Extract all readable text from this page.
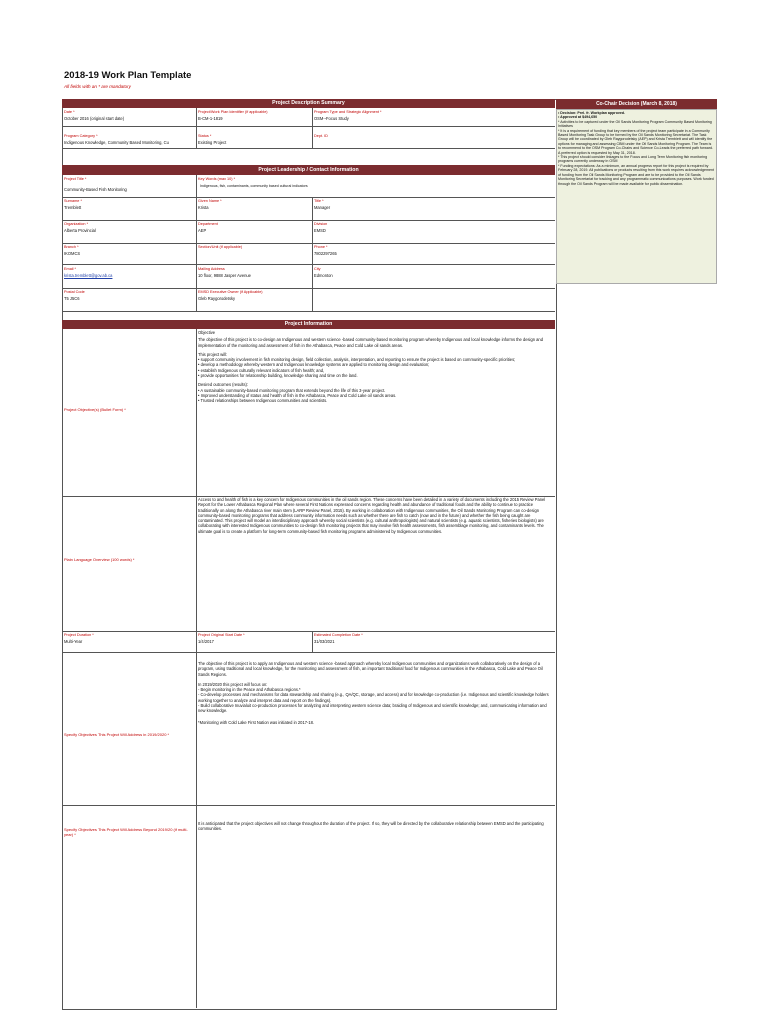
2018-19 Work Plan Template
All fields with an * are mandatory
Project Description Summary
Date *
October 2016 (original start date)
Project/Work Plan Identifier (if applicable)
B-CM-1-1819
Program Type and Strategic Alignment *
OSM--Focus Study
Program Category *
Indigenous Knowledge, Community Based Monitoring, Cu
Status *
Existing Project
Dept. ID
Project Leadership / Contact Information
Project Title *
Community-Based Fish Monitoring
Key Words (max 10) *
Indigenous, fish, contaminants, community based cultural indicators
Surname *
Tremblett
Given Name *
Krista
Title *
Manager
Organization *
Alberta Provincial
Department
AEP
Division
EMSD
Branch *
IKOMCS
Section/Unit (if applicable)	Phone *
7802297265
Email *
krista.tremblett@gov.ab.ca
Mailing Address
10 floor, 9888 Jasper Avenue
City
Edmonton
Postal Code
T5 J5C6
EMSD Executive Owner (if Applicable)
Gleb Raygorodetsky
Project Information
Project Objective(s) (Bullet Form) *

Objective

The objective of this project is to co-design an Indigenous and western science -based community-based monitoring program whereby Indigenous and local knowledge informs the design and implementation of the monitoring and assessment of fish in the Athabasca, Peace and Cold Lake oil sands areas.

This project will:

• support community involvement in fish monitoring design, field collection, analysis, interpretation, and reporting to ensure the project is based on community-specific priorities;

• develop a methodology whereby western and Indigenous knowledge systems are applied to monitoring design and evaluation;

• establish Indigenous culturally relevant indicators of fish health; and,

• provide opportunities for relationship building, knowledge sharing and time on the land.

Desired outcomes (results):

• A sustainable community-based monitoring program that extends beyond the life of this 3-year project.

• Improved understanding of status and health of fish in the Athabasca, Peace and Cold Lake oil sands areas.

• Trusted relationships between Indigenous communities and scientists.

Plain Language Overview (100 words) *
Access to and health of fish is a key concern for Indigenous communities in the oil sands region. These concerns have been detailed in a variety of documents including the 2015 Review Panel Report for the Lower Athabasca Regional Plan where several First Nations expressed concerns regarding health and abundance of traditional foods and the ability to continue to practice traditionally on along the Athabasca river main stem (LARP Review Panel, 2015). By working in collaboration with Indigenous communities, the Oil Sands Monitoring Program can co-design community-based monitoring programs that address community information needs such as whether there are fish to catch (now and in the future) and whether the fish being caught are contaminated. This project will model an interdisciplinary approach whereby social scientists (e.g. cultural anthropologists) and natural scientists (e.g. aquatic scientists, fisheries biologists) are collaborating with interested Indigenous communities to co-design fish monitoring projects that may involve fish health assessments, fish assemblage monitoring, and contaminants levels. The ultimate goal is to create a platform for long-term community-based fish monitoring programs administered by Indigenous communities.
Project Duration *
Multi-Year
Project Original Start Date *
1/4/2017
Estimated Completion Date *
31/03/2021
Specify Objectives This Project Will Address in 2019/2020 *

The objective of this project is to apply an Indigenous and western science -based approach whereby local Indigenous communities and organizations work collaboratively on the design of a program, using traditional and local knowledge, for the monitoring and assessment of fish, an important traditional food for Indigenous communities in the Athabasca, Cold Lake and Peace Oil Sands Regions.

In 2019/2020 this project will focus on:

- Begin monitoring in the Peace and Athabasca regions.*

- Co-develop processes and mechanisms for data stewardship and sharing (e.g., QA/QC, storage, and access) and for knowledge co-production (i.e. Indigenous and scientific knowledge holders working together to analyze and interpret data and report on the findings).

- Build collaborative Inuvialuit co-production processes for analyzing and interpreting western science data; braiding of Indigenous and scientific knowledge; and, communicating information and new knowledge.

*Monitoring with Cold Lake First Nation was initiated in 2017-18.

Specify Objectives This Project Will Address Beyond 2019/20 (if multi-year) *
It is anticipated that the project objectives will not change throughout the duration of the project. If so, they will be directed by the collaborative relationship between EMSD and the participating communities.
Co-Chair Decision (March 8, 2018)
• Decision: Prel. fr. Workplan approved.
• Approved at $494,650
* Activities to be captured under the Oil Sands Monitoring Program Community Based Monitoring Initiatives
* It is a requirement of funding that key members of the project team participate in a Community Based Monitoring Task Group to be formed by the Oil Sands Monitoring Secretariat. The Task Group will be coordinated by Gleb Raygorodetsky (AEP) and Krista Tremblett and will identify the options for managing and assessing CBM under the Oil Sands Monitoring Program. The Team is to recommend to the OSM Program Co-Chairs and Science Co-Leads the preferred path forward. A preferred option is requested by May 31, 2018.
* This project should consider linkages to the Focus and Long Term Monitoring fish monitoring programs currently underway in OSM
* Funding expectations: As a minimum, an annual progress report for this project is required by February 28, 2019. All publications or products resulting from this work requires acknowledgement of funding from the Oil Sands Monitoring Program and are to be provided to the Oil Sands Monitoring Secretariat for tracking and any programmatic communications purposes. Work funded through the Oil Sands Program will be made available for public dissemination.
